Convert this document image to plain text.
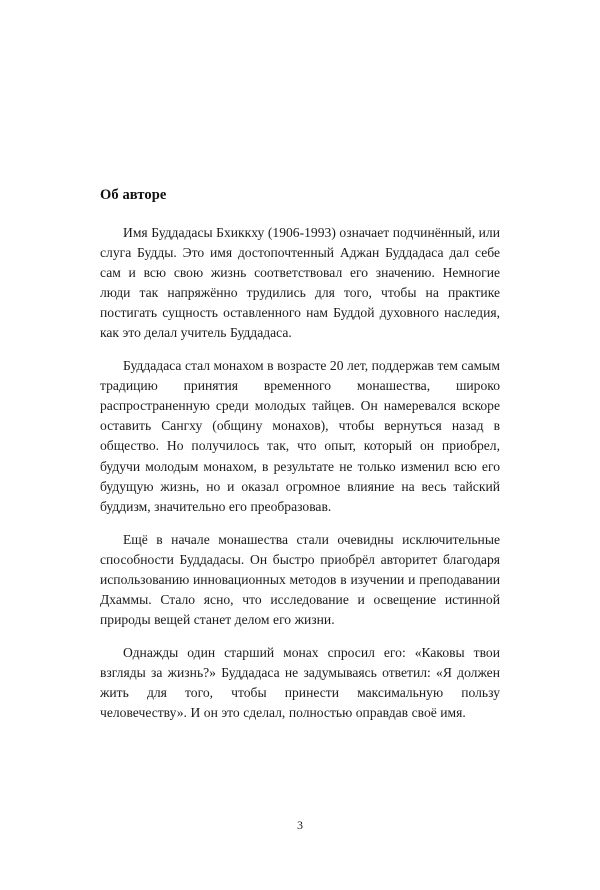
Об авторе

Имя Буддадасы Бхиккху (1906-1993) означает подчинённый, или слуга Будды. Это имя достопочтенный Аджан Буддадаса дал себе сам и всю свою жизнь соответствовал его значению. Немногие люди так напряжённо трудились для того, чтобы на практике постигать сущность оставленного нам Буддой духовного наследия, как это делал учитель Буддадаса.

Буддадаса стал монахом в возрасте 20 лет, поддержав тем самым традицию принятия временного монашества, широко распространенную среди молодых тайцев. Он намеревался вскоре оставить Сангху (общину монахов), чтобы вернуться назад в общество. Но получилось так, что опыт, который он приобрел, будучи молодым монахом, в результате не только изменил всю его будущую жизнь, но и оказал огромное влияние на весь тайский буддизм, значительно его преобразовав.

Ещё в начале монашества стали очевидны исключительные способности Буддадасы. Он быстро приобрёл авторитет благодаря использованию инновационных методов в изучении и преподавании Дхаммы. Стало ясно, что исследование и освещение истинной природы вещей станет делом его жизни.

Однажды один старший монах спросил его: «Каковы твои взгляды за жизнь?» Буддадаса не задумываясь ответил: «Я должен жить для того, чтобы принести максимальную пользу человечеству». И он это сделал, полностью оправдав своё имя.

3
